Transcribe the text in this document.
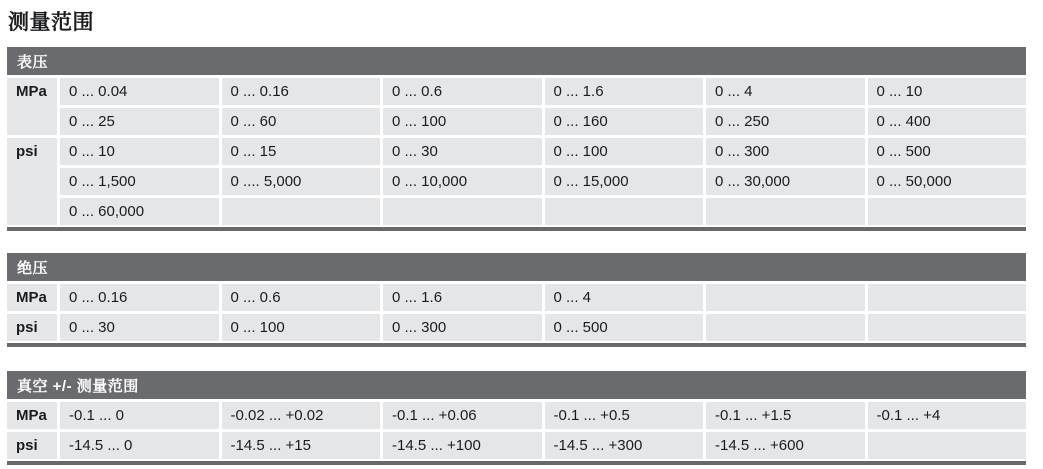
测量范围
表压
MPa	0 ... 0.04	0 ... 0.16	0 ... 0.6	0 ... 1.6	0 ... 4	0 ... 10
0 ... 25	0 ... 60	0 ... 100	0 ... 160	0 ... 250	0 ... 400
psi	0 ... 10	0 ... 15	0 ... 30	0 ... 100	0 ... 300	0 ... 500
0 ... 1,500	0 .... 5,000	0 ... 10,000	0 ... 15,000	0 ... 30,000	0 ... 50,000
0 ... 60,000
绝压
MPa	0 ... 0.16	0 ... 0.6	0 ... 1.6	0 ... 4
psi	0 ... 30	0 ... 100	0 ... 300	0 ... 500
真空 +/- 测量范围
MPa	-0.1 ... 0	-0.02 ... +0.02	-0.1 ... +0.06	-0.1 ... +0.5	-0.1 ... +1.5	-0.1 ... +4
psi	-14.5 ... 0	-14.5 ... +15	-14.5 ... +100	-14.5 ... +300	-14.5 ... +600
